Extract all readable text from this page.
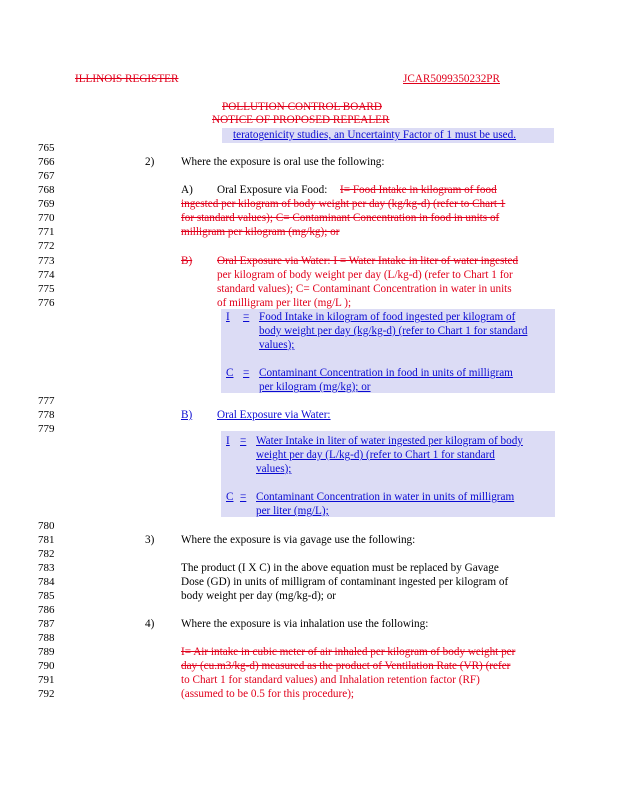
ILLINOIS REGISTER	JCAR5099350232PR
POLLUTION CONTROL BOARD
NOTICE OF PROPOSED REPEALER
teratogenicity studies, an Uncertainty Factor of 1 must be used.
765
766
767
768
769
770
771
772
773
774
775
776
777
778
779
780
781
782
783
784
785
786
787
788
789
790
791
792
2) Where the exposure is oral use the following:
A) Oral Exposure via Food: I= Food Intake in kilogram of food
ingested per kilogram of body weight per day (kg/kg-d) (refer to Chart 1
for standard values); C= Contaminant Concentration in food in units of
milligram per kilogram (mg/kg); or
B) Oral Exposure via Water: I = Water Intake in liter of water ingested
per kilogram of body weight per day (L/kg-d) (refer to Chart 1 for
standard values); C= Contaminant Concentration in water in units
of milligram per liter (mg/L );
I = Food Intake in kilogram of food ingested per kilogram of
body weight per day (kg/kg-d) (refer to Chart 1 for standard
values);
C = Contaminant Concentration in food in units of milligram
per kilogram (mg/kg); or
B) Oral Exposure via Water:
I = Water Intake in liter of water ingested per kilogram of body
weight per day (L/kg-d) (refer to Chart 1 for standard
values);
C = Contaminant Concentration in water in units of milligram
per liter (mg/L);
3) Where the exposure is via gavage use the following:
The product (I X C) in the above equation must be replaced by Gavage
Dose (GD) in units of milligram of contaminant ingested per kilogram of
body weight per day (mg/kg-d); or
4) Where the exposure is via inhalation use the following:
I= Air intake in cubic meter of air inhaled per kilogram of body weight per
day (cu.m3/kg-d) measured as the product of Ventilation Rate (VR) (refer
to Chart 1 for standard values) and Inhalation retention factor (RF)
(assumed to be 0.5 for this procedure);
